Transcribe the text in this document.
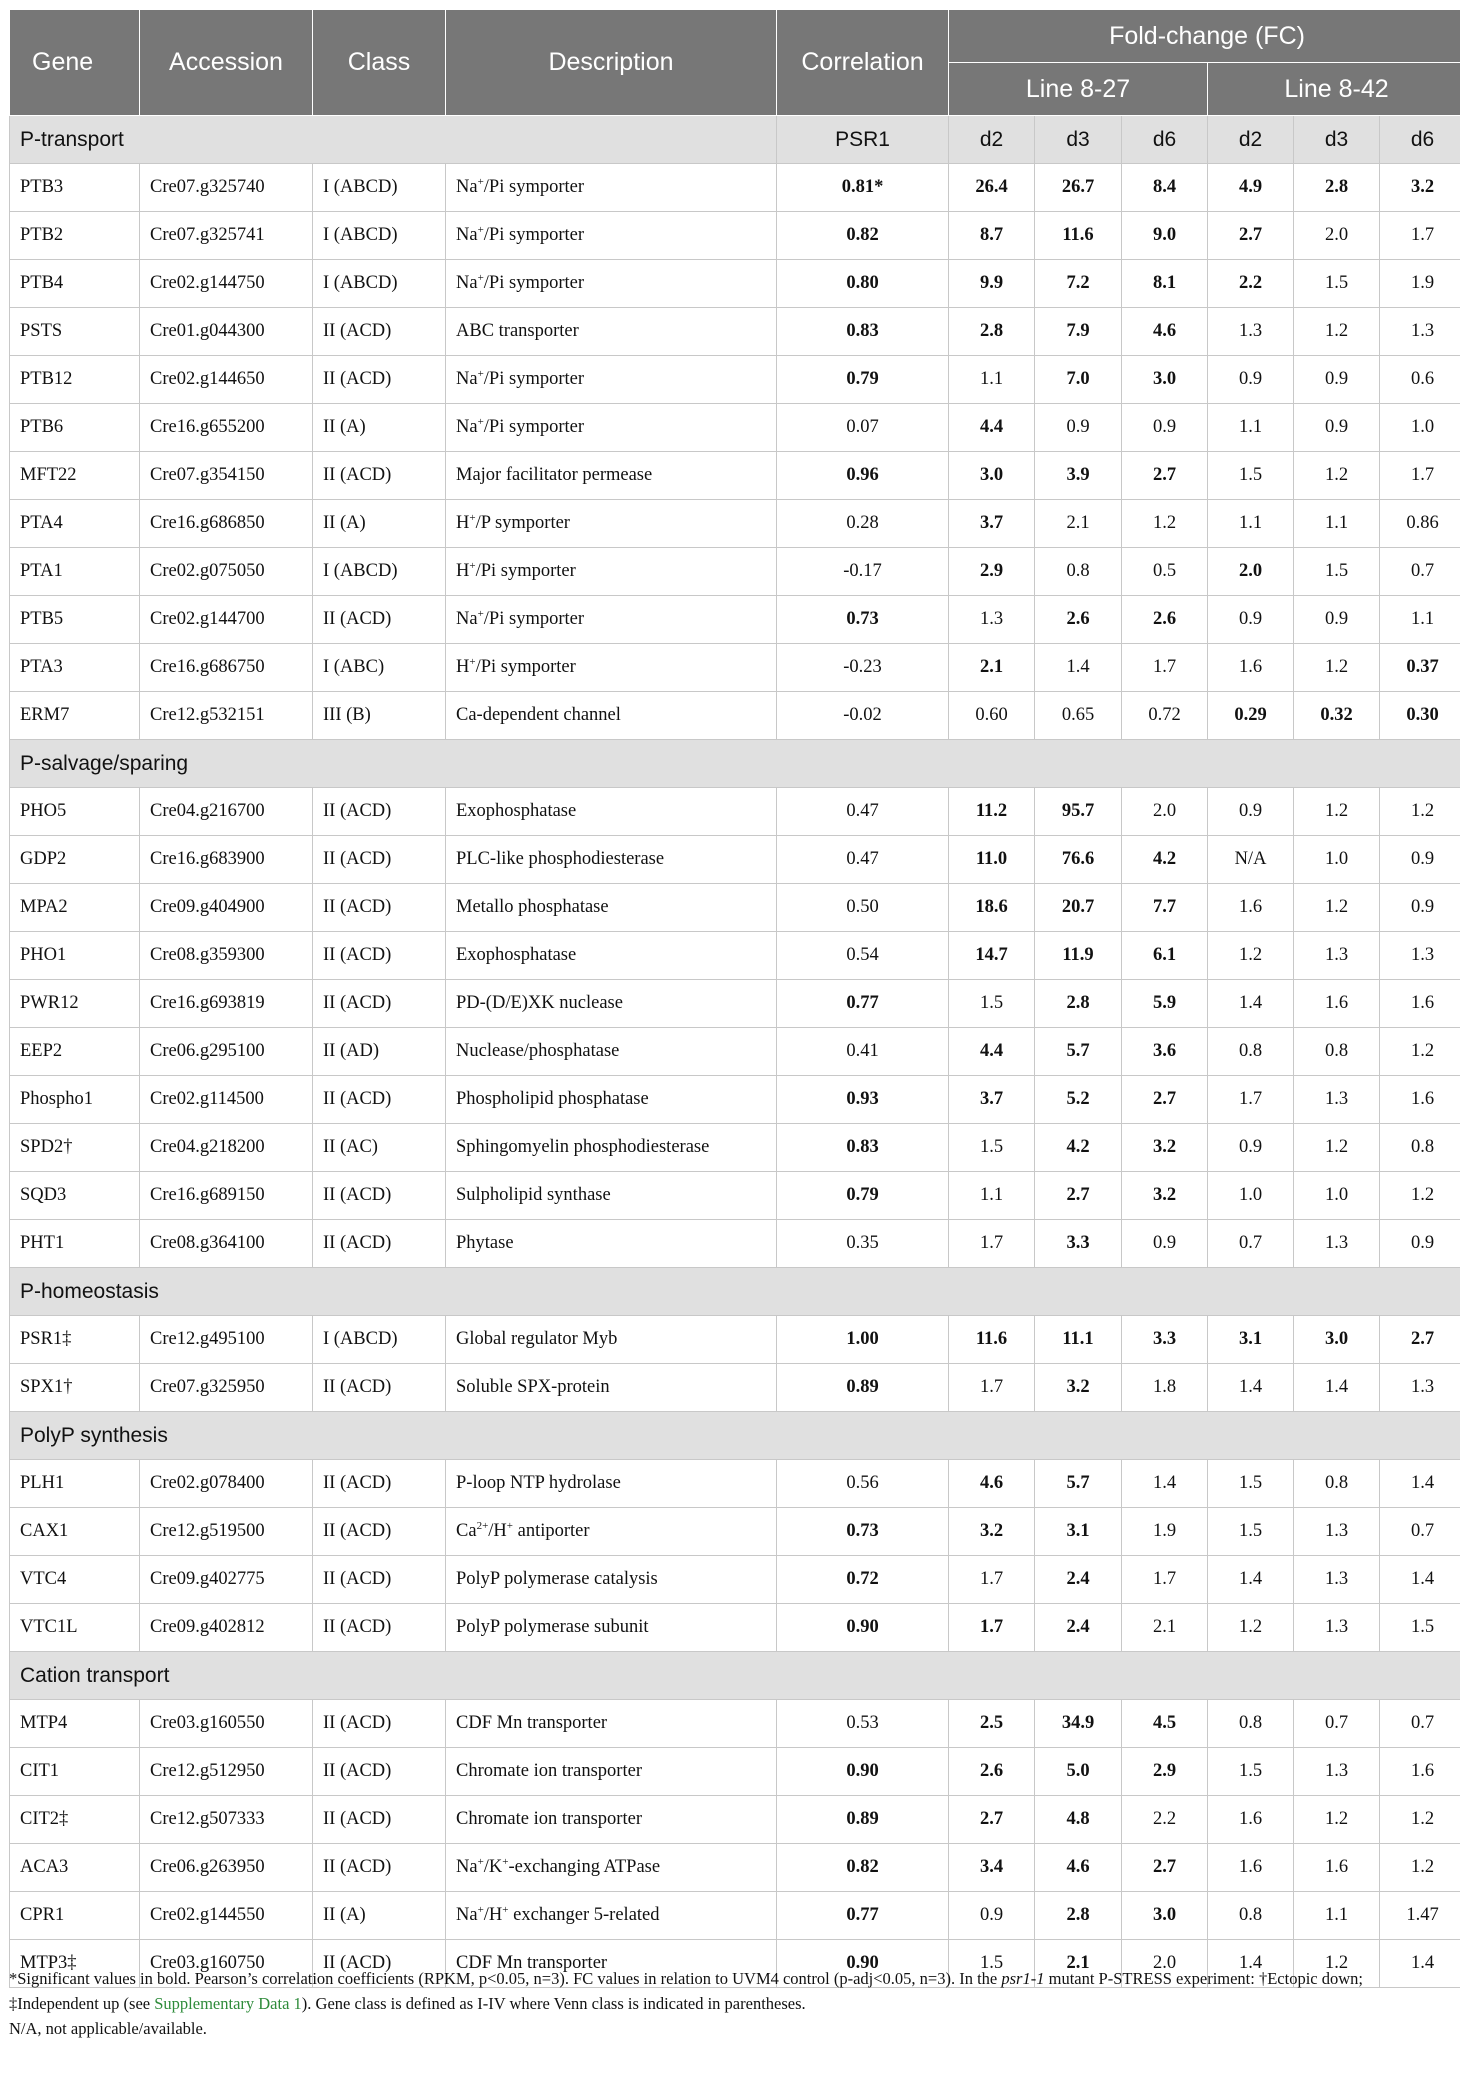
Gene	Accession	Class	Description	Correlation	Fold-change (FC)					
					Line 8-27			Line 8-42		
P-transport				PSR1	d2	d3	d6	d2	d3	d6
PTB3	Cre07.g325740	I (ABCD)	Na+/Pi symporter	0.81*	26.4	26.7	8.4	4.9	2.8	3.2
PTB2	Cre07.g325741	I (ABCD)	Na+/Pi symporter	0.82	8.7	11.6	9.0	2.7	2.0	1.7
PTB4	Cre02.g144750	I (ABCD)	Na+/Pi symporter	0.80	9.9	7.2	8.1	2.2	1.5	1.9
PSTS	Cre01.g044300	II (ACD)	ABC transporter	0.83	2.8	7.9	4.6	1.3	1.2	1.3
PTB12	Cre02.g144650	II (ACD)	Na+/Pi symporter	0.79	1.1	7.0	3.0	0.9	0.9	0.6
PTB6	Cre16.g655200	II (A)	Na+/Pi symporter	0.07	4.4	0.9	0.9	1.1	0.9	1.0
MFT22	Cre07.g354150	II (ACD)	Major facilitator permease	0.96	3.0	3.9	2.7	1.5	1.2	1.7
PTA4	Cre16.g686850	II (A)	H+/P symporter	0.28	3.7	2.1	1.2	1.1	1.1	0.86
PTA1	Cre02.g075050	I (ABCD)	H+/Pi symporter	-0.17	2.9	0.8	0.5	2.0	1.5	0.7
PTB5	Cre02.g144700	II (ACD)	Na+/Pi symporter	0.73	1.3	2.6	2.6	0.9	0.9	1.1
PTA3	Cre16.g686750	I (ABC)	H+/Pi symporter	-0.23	2.1	1.4	1.7	1.6	1.2	0.37
ERM7	Cre12.g532151	III (B)	Ca-dependent channel	-0.02	0.60	0.65	0.72	0.29	0.32	0.30
P-salvage/sparing										
PHO5	Cre04.g216700	II (ACD)	Exophosphatase	0.47	11.2	95.7	2.0	0.9	1.2	1.2
GDP2	Cre16.g683900	II (ACD)	PLC-like phosphodiesterase	0.47	11.0	76.6	4.2	N/A	1.0	0.9
MPA2	Cre09.g404900	II (ACD)	Metallo phosphatase	0.50	18.6	20.7	7.7	1.6	1.2	0.9
PHO1	Cre08.g359300	II (ACD)	Exophosphatase	0.54	14.7	11.9	6.1	1.2	1.3	1.3
PWR12	Cre16.g693819	II (ACD)	PD-(D/E)XK nuclease	0.77	1.5	2.8	5.9	1.4	1.6	1.6
EEP2	Cre06.g295100	II (AD)	Nuclease/phosphatase	0.41	4.4	5.7	3.6	0.8	0.8	1.2
Phospho1	Cre02.g114500	II (ACD)	Phospholipid phosphatase	0.93	3.7	5.2	2.7	1.7	1.3	1.6
SPD2†	Cre04.g218200	II (AC)	Sphingomyelin phosphodiesterase	0.83	1.5	4.2	3.2	0.9	1.2	0.8
SQD3	Cre16.g689150	II (ACD)	Sulpholipid synthase	0.79	1.1	2.7	3.2	1.0	1.0	1.2
PHT1	Cre08.g364100	II (ACD)	Phytase	0.35	1.7	3.3	0.9	0.7	1.3	0.9
P-homeostasis										
PSR1‡	Cre12.g495100	I (ABCD)	Global regulator Myb	1.00	11.6	11.1	3.3	3.1	3.0	2.7
SPX1†	Cre07.g325950	II (ACD)	Soluble SPX-protein	0.89	1.7	3.2	1.8	1.4	1.4	1.3
PolyP synthesis										
PLH1	Cre02.g078400	II (ACD)	P-loop NTP hydrolase	0.56	4.6	5.7	1.4	1.5	0.8	1.4
CAX1	Cre12.g519500	II (ACD)	$Ca^{2+}/H^+$ antiporter	0.73	3.2	3.1	1.9	1.5	1.3	0.7
VTC4	Cre09.g402775	II (ACD)	PolyP polymerase catalysis	0.72	1.7	2.4	1.7	1.4	1.3	1.4
VTC1L	Cre09.g402812	II (ACD)	PolyP polymerase subunit	0.90	1.7	2.4	2.1	1.2	1.3	1.5
Cation transport										
MTP4	Cre03.g160550	II (ACD)	CDF Mn transporter	0.53	2.5	34.9	4.5	0.8	0.7	0.7
CIT1	Cre12.g512950	II (ACD)	Chromate ion transporter	0.90	2.6	5.0	2.9	1.5	1.3	1.6
CIT2‡	Cre12.g507333	II (ACD)	Chromate ion transporter	0.89	2.7	4.8	2.2	1.6	1.2	1.2
ACA3	Cre06.g263950	II (ACD)	Na+/K+-exchanging ATPase	0.82	3.4	4.6	2.7	1.6	1.6	1.2
CPR1	Cre02.g144550	II (A)	Na+/H+ exchanger 5-related	0.77	0.9	2.8	3.0	0.8	1.1	1.47
MTP3‡	Cre03.g160750	II (ACD)	CDF Mn transporter	0.90	1.5	2.1	2.0	1.4	1.2	1.4

*Significant values in bold. Pearson’s correlation coefficients (RPKM, p<0.05, n=3). FC values in relation to UVM4 control (p-adj<0.05, n=3). In the psr1-1 mutant P-STRESS experiment: †Ectopic down; ‡Independent up (see Supplementary Data 1). Gene class is defined as I-IV where Venn class is indicated in parentheses.

N/A, not applicable/available.
